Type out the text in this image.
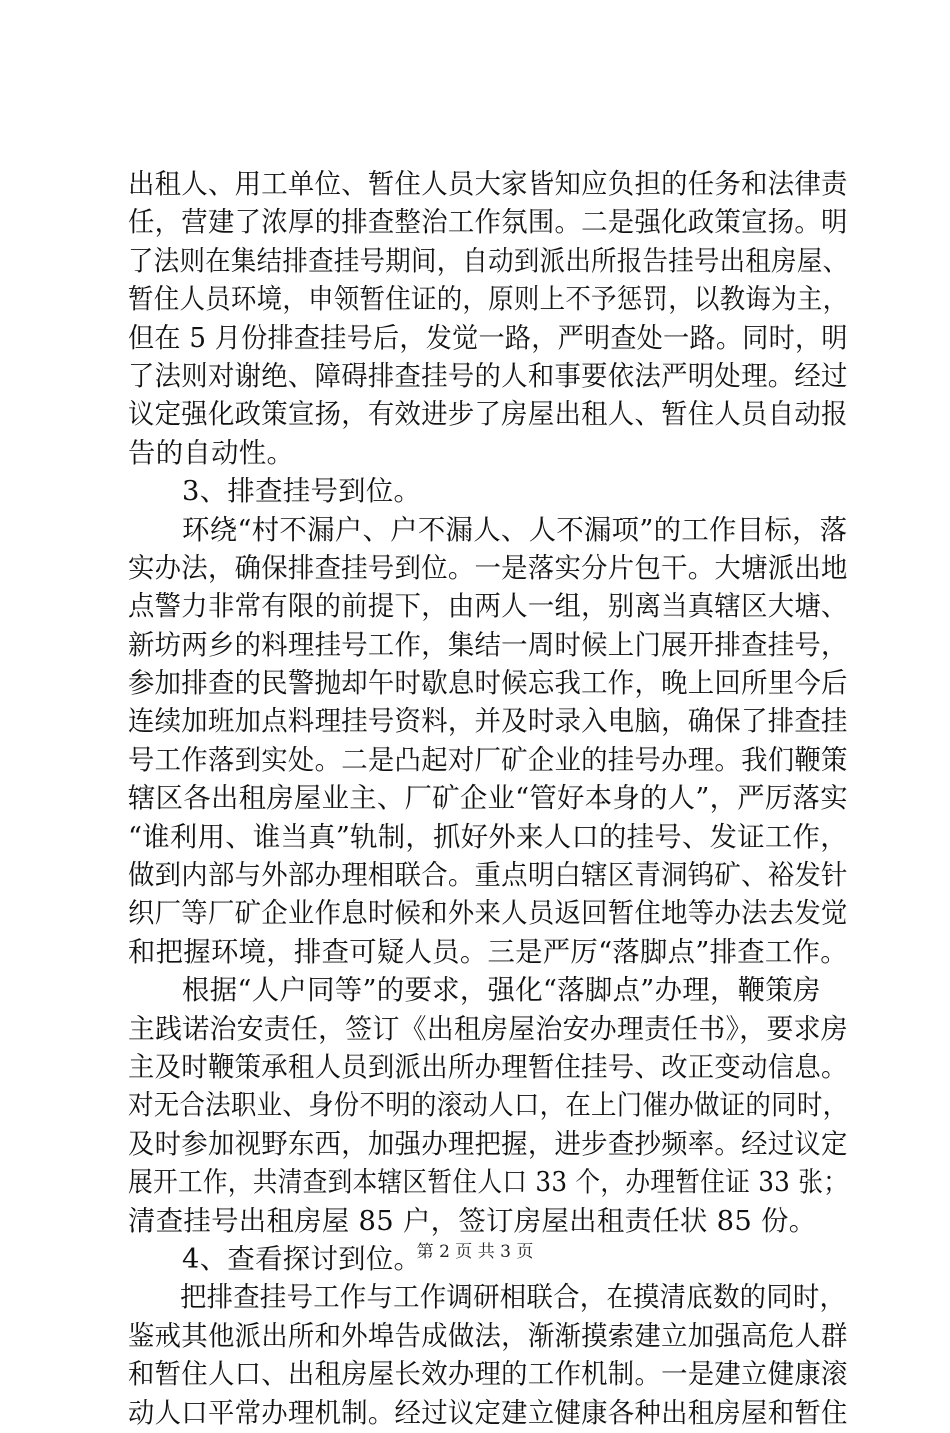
出租人、用工单位、暂住人员大家皆知应负担的任务和法律责
任，营建了浓厚的排查整治工作氛围。二是强化政策宣扬。明
了法则在集结排查挂号期间，自动到派出所报告挂号出租房屋、
暂住人员环境，申领暂住证的，原则上不予惩罚，以教诲为主，
但在 5 月份排查挂号后，发觉一路，严明查处一路。同时，明
了法则对谢绝、障碍排查挂号的人和事要依法严明处理。经过
议定强化政策宣扬，有效进步了房屋出租人、暂住人员自动报
告的自动性。
3、排查挂号到位。
环绕“村不漏户、户不漏人、人不漏项”的工作目标，落
实办法，确保排查挂号到位。一是落实分片包干。大塘派出地
点警力非常有限的前提下，由两人一组，别离当真辖区大塘、
新坊两乡的料理挂号工作，集结一周时候上门展开排查挂号，
参加排查的民警抛却午时歇息时候忘我工作，晚上回所里今后
连续加班加点料理挂号资料，并及时录入电脑，确保了排查挂
号工作落到实处。二是凸起对厂矿企业的挂号办理。我们鞭策
辖区各出租房屋业主、厂矿企业“管好本身的人”，严厉落实
“谁利用、谁当真”轨制，抓好外来人口的挂号、发证工作，
做到内部与外部办理相联合。重点明白辖区青洞钨矿、裕发针
织厂等厂矿企业作息时候和外来人员返回暂住地等办法去发觉
和把握环境，排查可疑人员。三是严厉“落脚点”排查工作。
根据“人户同等”的要求，强化“落脚点”办理，鞭策房
主践诺治安责任，签订《出租房屋治安办理责任书》，要求房
主及时鞭策承租人员到派出所办理暂住挂号、改正变动信息。
对无合法职业、身份不明的滚动人口，在上门催办做证的同时，
及时参加视野东西，加强办理把握，进步查抄频率。经过议定
展开工作，共清查到本辖区暂住人口 33 个，办理暂住证 33 张；
清查挂号出租房屋 85 户，签订房屋出租责任状 85 份。
4、查看探讨到位。
把排查挂号工作与工作调研相联合，在摸清底数的同时，
鉴戒其他派出所和外埠告成做法，渐渐摸索建立加强高危人群
和暂住人口、出租房屋长效办理的工作机制。一是建立健康滚
动人口平常办理机制。经过议定建立健康各种出租房屋和暂住
第 2 页 共 3 页
